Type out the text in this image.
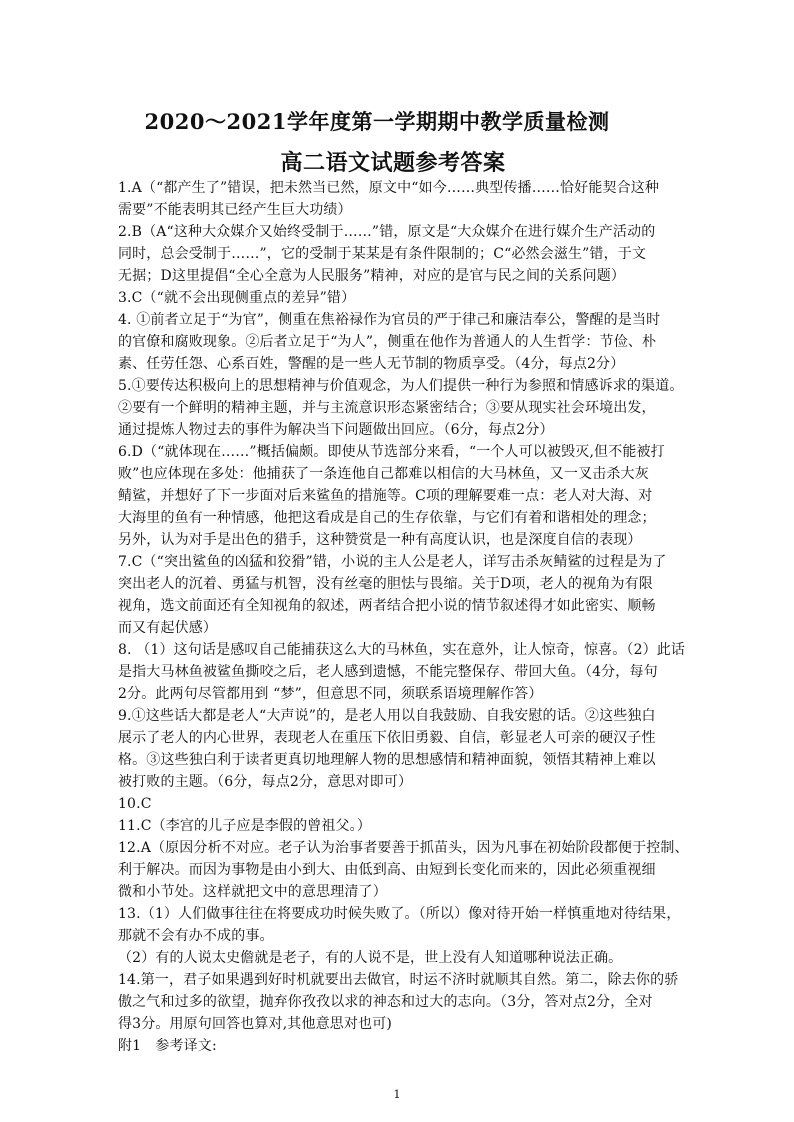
2020～2021学年度第一学期期中教学质量检测
高二语文试题参考答案
1.A（“都产生了”错误，把未然当已然，原文中“如今……典型传播……恰好能契合这种
需要”不能表明其已经产生巨大功绩）
2.B（A“这种大众媒介又始终受制于……”错，原文是“大众媒介在进行媒介生产活动的
同时，总会受制于……”，它的受制于某某是有条件限制的；C“必然会滋生”错，于文
无据；D这里提倡“全心全意为人民服务”精神，对应的是官与民之间的关系问题）
3.C（“就不会出现侧重点的差异”错）
4. ①前者立足于“为官”，侧重在焦裕禄作为官员的严于律己和廉洁奉公，警醒的是当时
的官僚和腐败现象。②后者立足于“为人”，侧重在他作为普通人的人生哲学：节俭、朴
素、任劳任怨、心系百姓，警醒的是一些人无节制的物质享受。（4分，每点2分）
5.①要传达积极向上的思想精神与价值观念，为人们提供一种行为参照和情感诉求的渠道。
②要有一个鲜明的精神主题，并与主流意识形态紧密结合；③要从现实社会环境出发，
通过提炼人物过去的事件为解决当下问题做出回应。（6分，每点2分）
6.D（“就体现在……”概括偏颇。即使从节选部分来看，“一个人可以被毁灭,但不能被打
败”也应体现在多处：他捕获了一条连他自己都难以相信的大马林鱼，又一叉击杀大灰
鲭鲨，并想好了下一步面对后来鲨鱼的措施等。C项的理解要难一点：老人对大海、对
大海里的鱼有一种情感，他把这看成是自己的生存依靠，与它们有着和谐相处的理念；
另外，认为对手是出色的猎手，这种赞赏是一种有高度认识，也是深度自信的表现）
7.C（“突出鲨鱼的凶猛和狡猾”错，小说的主人公是老人，详写击杀灰鲭鲨的过程是为了
突出老人的沉着、勇猛与机智，没有丝毫的胆怯与畏缩。关于D项，老人的视角为有限
视角，选文前面还有全知视角的叙述，两者结合把小说的情节叙述得才如此密实、顺畅
而又有起伏感）
8. （1）这句话是感叹自己能捕获这么大的马林鱼，实在意外，让人惊奇，惊喜。（2）此话
是指大马林鱼被鲨鱼撕咬之后，老人感到遗憾，不能完整保存、带回大鱼。（4分，每句
2分。此两句尽管都用到 “梦”，但意思不同，须联系语境理解作答）
9.①这些话大都是老人“大声说”的，是老人用以自我鼓励、自我安慰的话。②这些独白
展示了老人的内心世界，表现老人在重压下依旧勇毅、自信，彰显老人可亲的硬汉子性
格。③这些独白利于读者更真切地理解人物的思想感情和精神面貌，领悟其精神上难以
被打败的主题。（6分，每点2分，意思对即可）
10.C
11.C（李宫的儿子应是李假的曾祖父。）
12.A（原因分析不对应。老子认为治事者要善于抓苗头，因为凡事在初始阶段都便于控制、
利于解决。而因为事物是由小到大、由低到高、由短到长变化而来的，因此必须重视细
微和小节处。这样就把文中的意思理清了）
13.（1）人们做事往往在将要成功时候失败了。（所以）像对待开始一样慎重地对待结果，
那就不会有办不成的事。
（2）有的人说太史儋就是老子，有的人说不是，世上没有人知道哪种说法正确。
14.第一，君子如果遇到好时机就要出去做官，时运不济时就顺其自然。第二，除去你的骄
傲之气和过多的欲望，抛弃你孜孜以求的神态和过大的志向。（3分，答对点2分，全对
得3分。用原句回答也算对,其他意思对也可)
附1　参考译文:
1
